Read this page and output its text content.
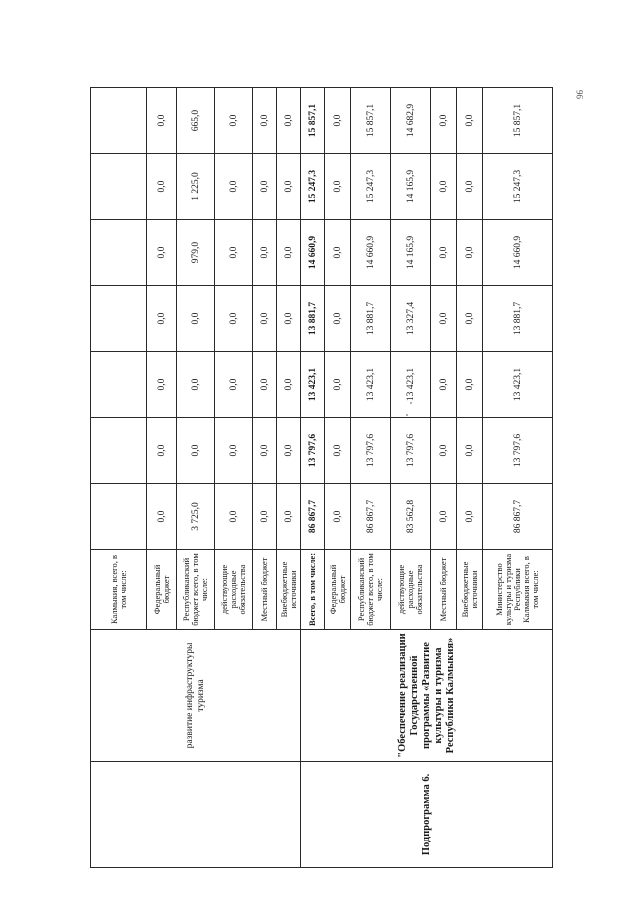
96
	развитие инфраструктуры туризма	Калмыкия, всего, в том числе:							
		Федеральный бюджет	0,0	0,0	0,0	0,0	0,0	0,0	0,0
		Республиканский бюджет всего, в том числе:	3 725,0	0,0	0,0	0,0	979,0	1 225,0	665,0
		действующие расходные обязательства	0,0	0,0	0,0	0,0	0,0	0,0	0,0
		Местный бюджет	0,0	0,0	0,0	0,0	0,0	0,0	0,0
		Внебюджетные источники	0,0	0,0	0,0	0,0	0,0	0,0	0,0
Подпрограмма 6.	"Обеспечение реализации Государственной программы «Развитие культуры и туризма Республики Калмыкия»	Всего, в том числе:	86 867,7	13 797,6	13 423,1	13 881,7	14 660,9	15 247,3	15 857,1
		Федеральный бюджет	0,0	0,0	0,0	0,0	0,0	0,0	0,0
		Республиканский бюджет всего, в том числе:	86 867,7	13 797,6	13 423,1	13 881,7	14 660,9	15 247,3	15 857,1
		действующие расходные обязательства	83 562,8	13 797,6	13 423,1	13 327,4	14 165,9	14 165,9	14 682,9
		Местный бюджет	0,0	0,0	0,0	0,0	0,0	0,0	0,0
		Внебюджетные источники	0,0	0,0	0,0	0,0	0,0	0,0	0,0
		Министерство культуры и туризма Республики Калмыкия всего, в том числе:	86 867,7	13 797,6	13 423,1	13 881,7	14 660,9	15 247,3	15 857,1
